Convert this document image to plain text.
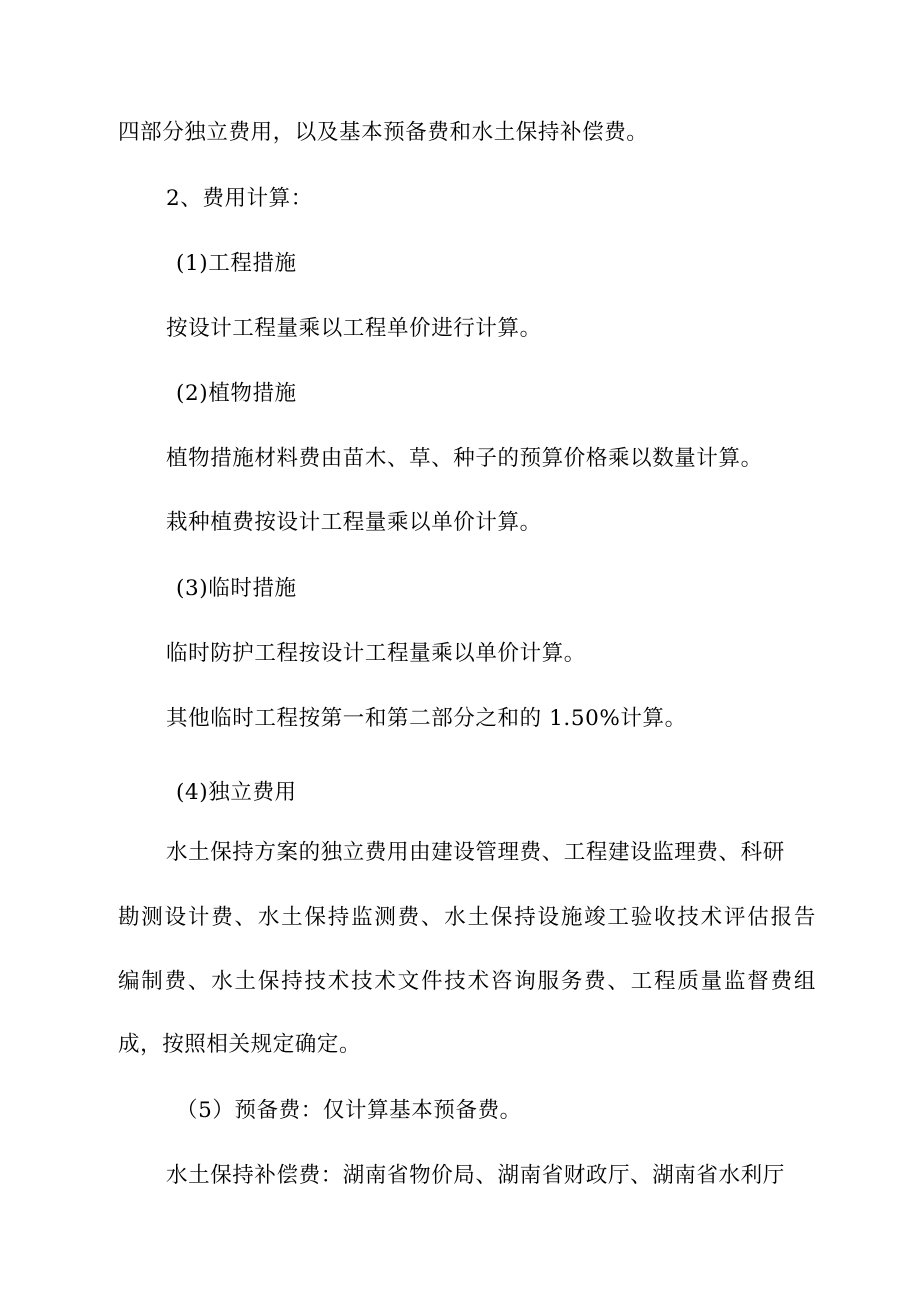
四部分独立费用，以及基本预备费和水土保持补偿费。
2、费用计算：
(1)工程措施
按设计工程量乘以工程单价进行计算。
(2)植物措施
植物措施材料费由苗木、草、种子的预算价格乘以数量计算。
栽种植费按设计工程量乘以单价计算。
(3)临时措施
临时防护工程按设计工程量乘以单价计算。
其他临时工程按第一和第二部分之和的 1.50%计算。
(4)独立费用
水土保持方案的独立费用由建设管理费、工程建设监理费、科研
勘测设计费、水土保持监测费、水土保持设施竣工验收技术评估报告
编制费、水土保持技术技术文件技术咨询服务费、工程质量监督费组
成，按照相关规定确定。
（5）预备费：仅计算基本预备费。
水土保持补偿费：湖南省物价局、湖南省财政厅、湖南省水利厅
